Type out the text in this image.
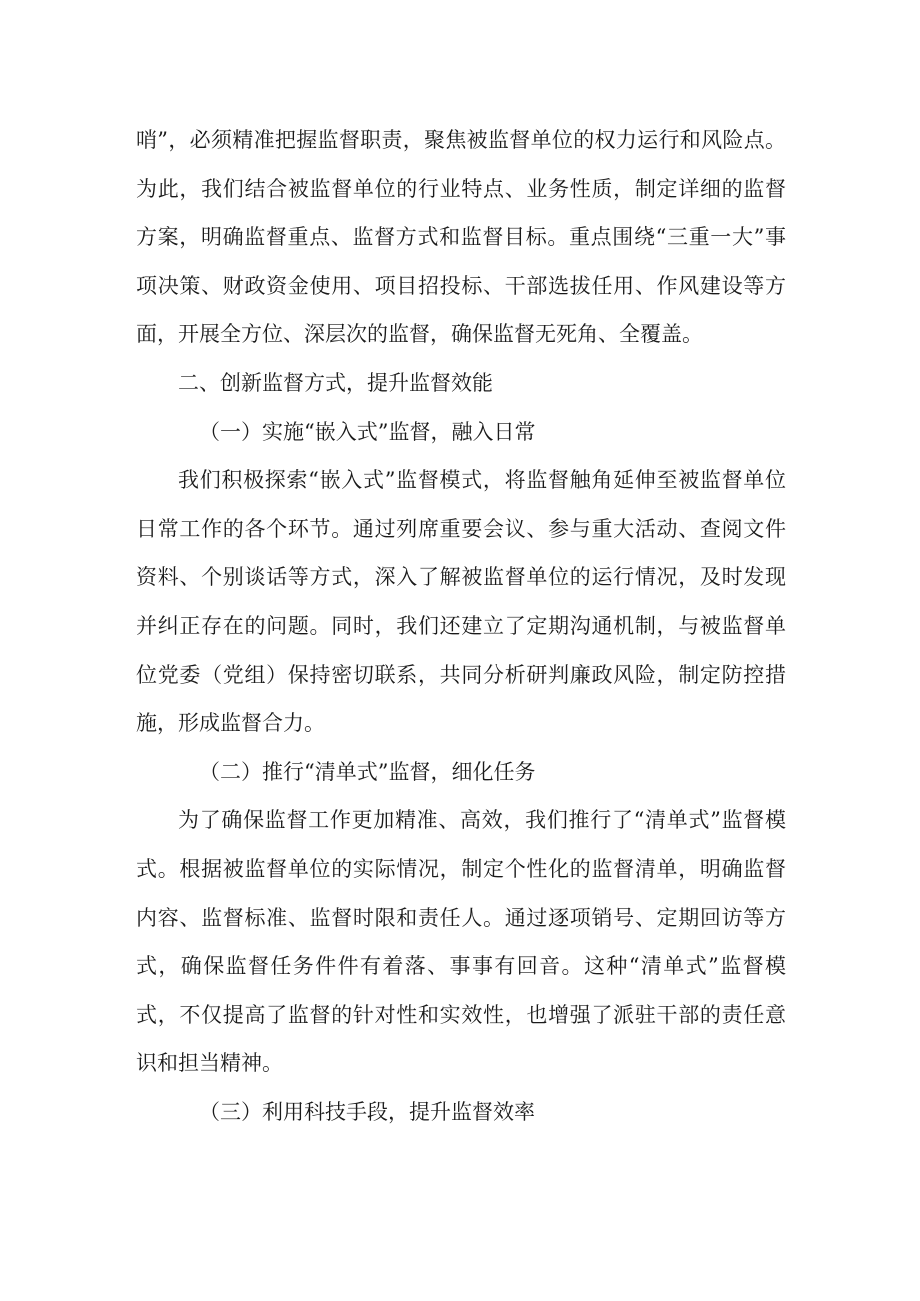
哨”，必须精准把握监督职责，聚焦被监督单位的权力运行和风险点。为此，我们结合被监督单位的行业特点、业务性质，制定详细的监督方案，明确监督重点、监督方式和监督目标。重点围绕“三重一大”事项决策、财政资金使用、项目招投标、干部选拔任用、作风建设等方面，开展全方位、深层次的监督，确保监督无死角、全覆盖。

二、创新监督方式，提升监督效能

（一）实施“嵌入式”监督，融入日常

我们积极探索“嵌入式”监督模式，将监督触角延伸至被监督单位日常工作的各个环节。通过列席重要会议、参与重大活动、查阅文件资料、个别谈话等方式，深入了解被监督单位的运行情况，及时发现并纠正存在的问题。同时，我们还建立了定期沟通机制，与被监督单位党委（党组）保持密切联系，共同分析研判廉政风险，制定防控措施，形成监督合力。

（二）推行“清单式”监督，细化任务

为了确保监督工作更加精准、高效，我们推行了“清单式”监督模式。根据被监督单位的实际情况，制定个性化的监督清单，明确监督内容、监督标准、监督时限和责任人。通过逐项销号、定期回访等方式，确保监督任务件件有着落、事事有回音。这种“清单式”监督模式，不仅提高了监督的针对性和实效性，也增强了派驻干部的责任意识和担当精神。

（三）利用科技手段，提升监督效率
